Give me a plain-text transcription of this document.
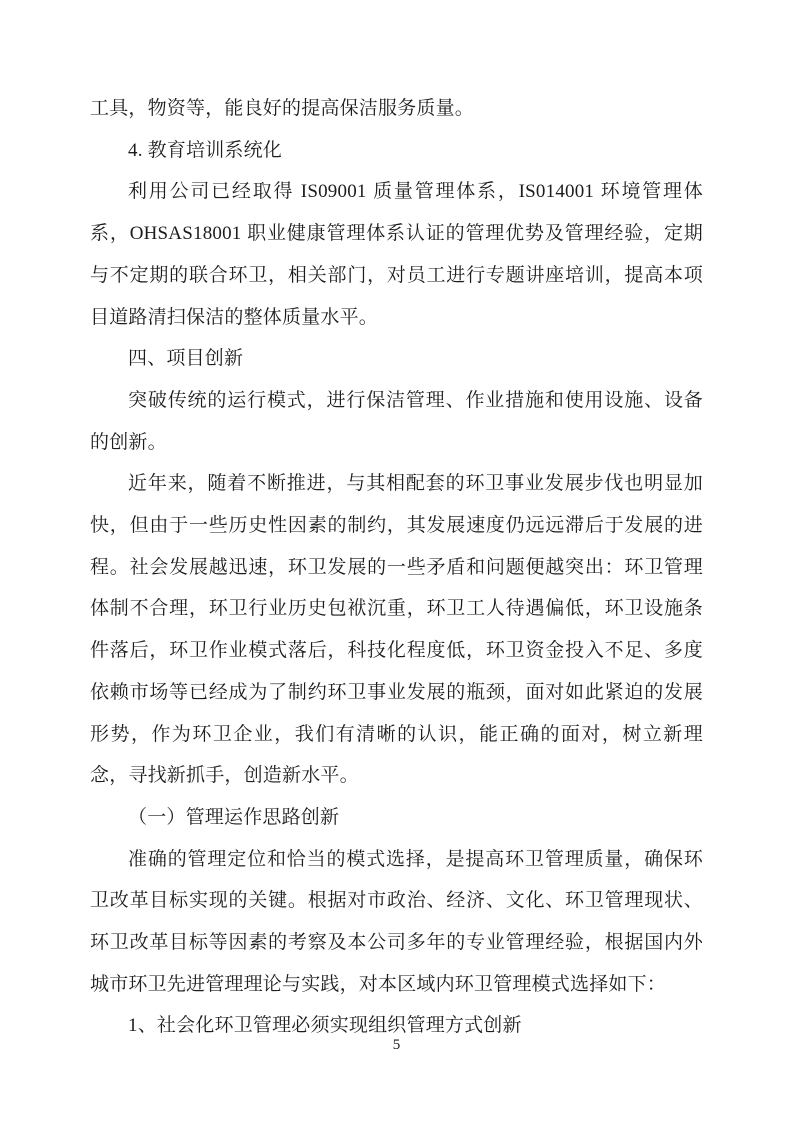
工具，物资等，能良好的提高保洁服务质量。

4. 教育培训系统化

利用公司已经取得 IS09001 质量管理体系，IS014001 环境管理体系，OHSAS18001 职业健康管理体系认证的管理优势及管理经验，定期与不定期的联合环卫，相关部门，对员工进行专题讲座培训，提高本项目道路清扫保洁的整体质量水平。

四、项目创新

突破传统的运行模式，进行保洁管理、作业措施和使用设施、设备的创新。

近年来，随着不断推进，与其相配套的环卫事业发展步伐也明显加快，但由于一些历史性因素的制约，其发展速度仍远远滞后于发展的进程。社会发展越迅速，环卫发展的一些矛盾和问题便越突出：环卫管理体制不合理，环卫行业历史包袱沉重，环卫工人待遇偏低，环卫设施条件落后，环卫作业模式落后，科技化程度低，环卫资金投入不足、多度依赖市场等已经成为了制约环卫事业发展的瓶颈，面对如此紧迫的发展形势，作为环卫企业，我们有清晰的认识，能正确的面对，树立新理念，寻找新抓手，创造新水平。

（一）管理运作思路创新

准确的管理定位和恰当的模式选择，是提高环卫管理质量，确保环卫改革目标实现的关键。根据对市政治、经济、文化、环卫管理现状、环卫改革目标等因素的考察及本公司多年的专业管理经验，根据国内外城市环卫先进管理理论与实践，对本区域内环卫管理模式选择如下：

1、社会化环卫管理必须实现组织管理方式创新

5
